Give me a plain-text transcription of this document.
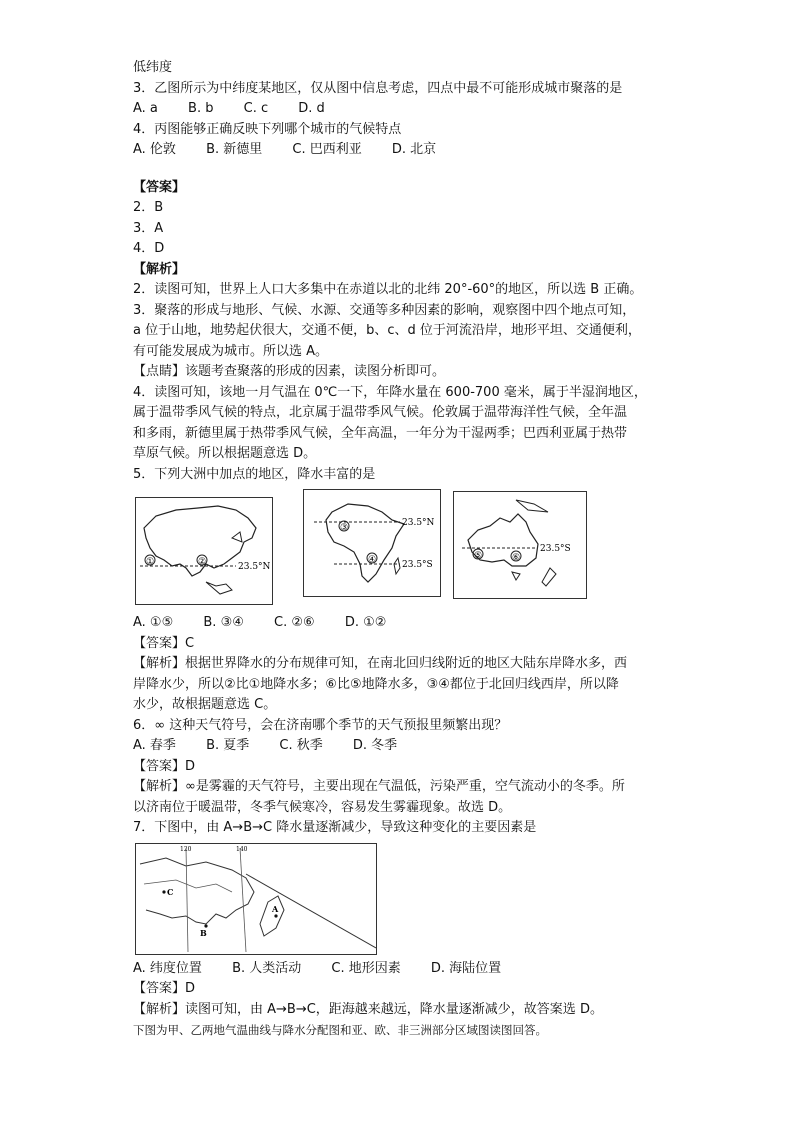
低纬度

3．乙图所示为中纬度某地区，仅从图中信息考虑，四点中最不可能形成城市聚落的是

A. a B. b C. c D. d

4．丙图能够正确反映下列哪个城市的气候特点

A. 伦敦 B. 新德里 C. 巴西利亚 D. 北京

【答案】

2．B

3．A

4．D

【解析】

2．读图可知，世界上人口大多集中在赤道以北的北纬 20°-60°的地区，所以选 B 正确。

3．聚落的形成与地形、气候、水源、交通等多种因素的影响，观察图中四个地点可知，

a 位于山地，地势起伏很大，交通不便，b、c、d 位于河流沿岸，地形平坦、交通便利，

有可能发展成为城市。所以选 A。

【点睛】该题考查聚落的形成的因素，读图分析即可。

4．读图可知，该地一月气温在 0℃一下，年降水量在 600-700 毫米，属于半湿润地区，

属于温带季风气候的特点，北京属于温带季风气候。伦敦属于温带海洋性气候，全年温

和多雨，新德里属于热带季风气候，全年高温，一年分为干湿两季；巴西利亚属于热带

草原气候。所以根据题意选 D。

5．下列大洲中加点的地区，降水丰富的是

①	②	23.5°N
③
④
23.5°N
23.5°S
⑤	⑥
23.5°S

A. ①⑤ B. ③④ C. ②⑥ D. ①②

【答案】C

【解析】根据世界降水的分布规律可知，在南北回归线附近的地区大陆东岸降水多，西

岸降水少，所以②比①地降水多；⑥比⑤地降水多，③④都位于北回归线西岸，所以降

水少，故根据题意选 C。

6．∞ 这种天气符号，会在济南哪个季节的天气预报里频繁出现？

A. 春季 B. 夏季 C. 秋季 D. 冬季

【答案】D

【解析】∞是雾霾的天气符号，主要出现在气温低，污染严重，空气流动小的冬季。所

以济南位于暖温带，冬季气候寒冷，容易发生雾霾现象。故选 D。

7．下图中，由 A→B→C 降水量逐渐减少，导致这种变化的主要因素是

120	140
C
B
A

A. 纬度位置 B. 人类活动 C. 地形因素 D. 海陆位置

【答案】D

【解析】读图可知，由 A→B→C，距海越来越远，降水量逐渐减少，故答案选 D。

下图为甲、乙两地气温曲线与降水分配图和亚、欧、非三洲部分区域图读图回答。
